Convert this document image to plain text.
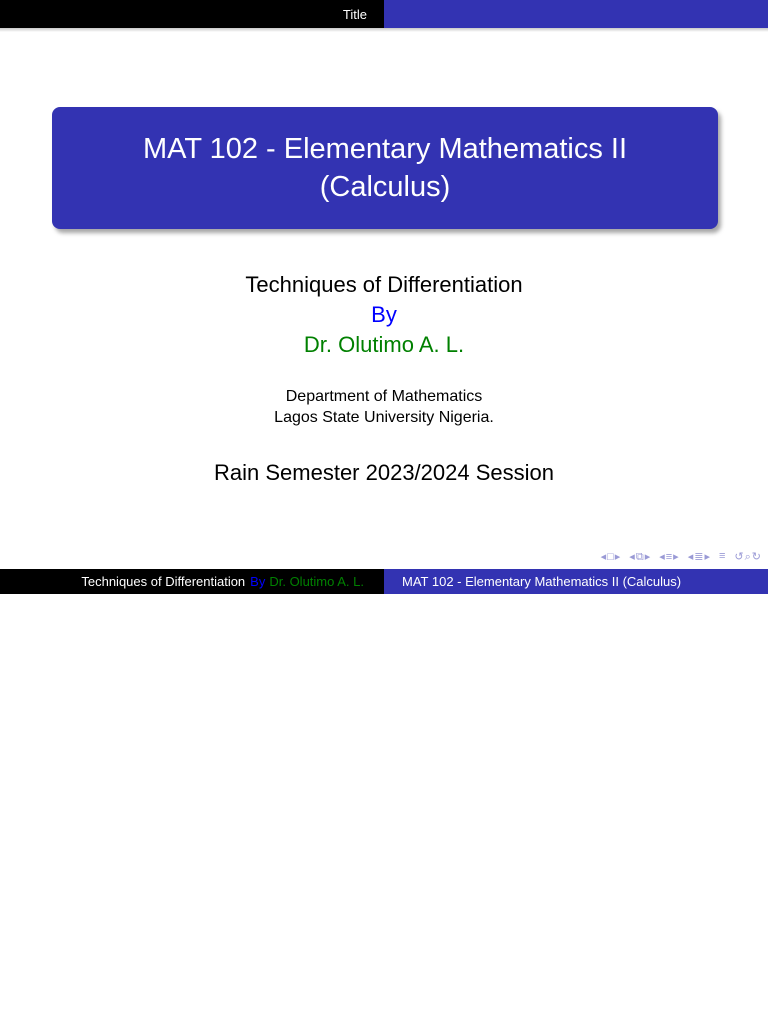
Title
MAT 102 - Elementary Mathematics II
(Calculus)
Techniques of Differentiation
By
Dr. Olutimo A. L.
Department of Mathematics
Lagos State University Nigeria.
Rain Semester 2023/2024 Session
◂□▸ ◂⧉▸ ◂≡▸ ◂≣▸ ≡ ↺⌕↻
Techniques of Differentiation By Dr. Olutimo A. L.	MAT 102 - Elementary Mathematics II (Calculus)
